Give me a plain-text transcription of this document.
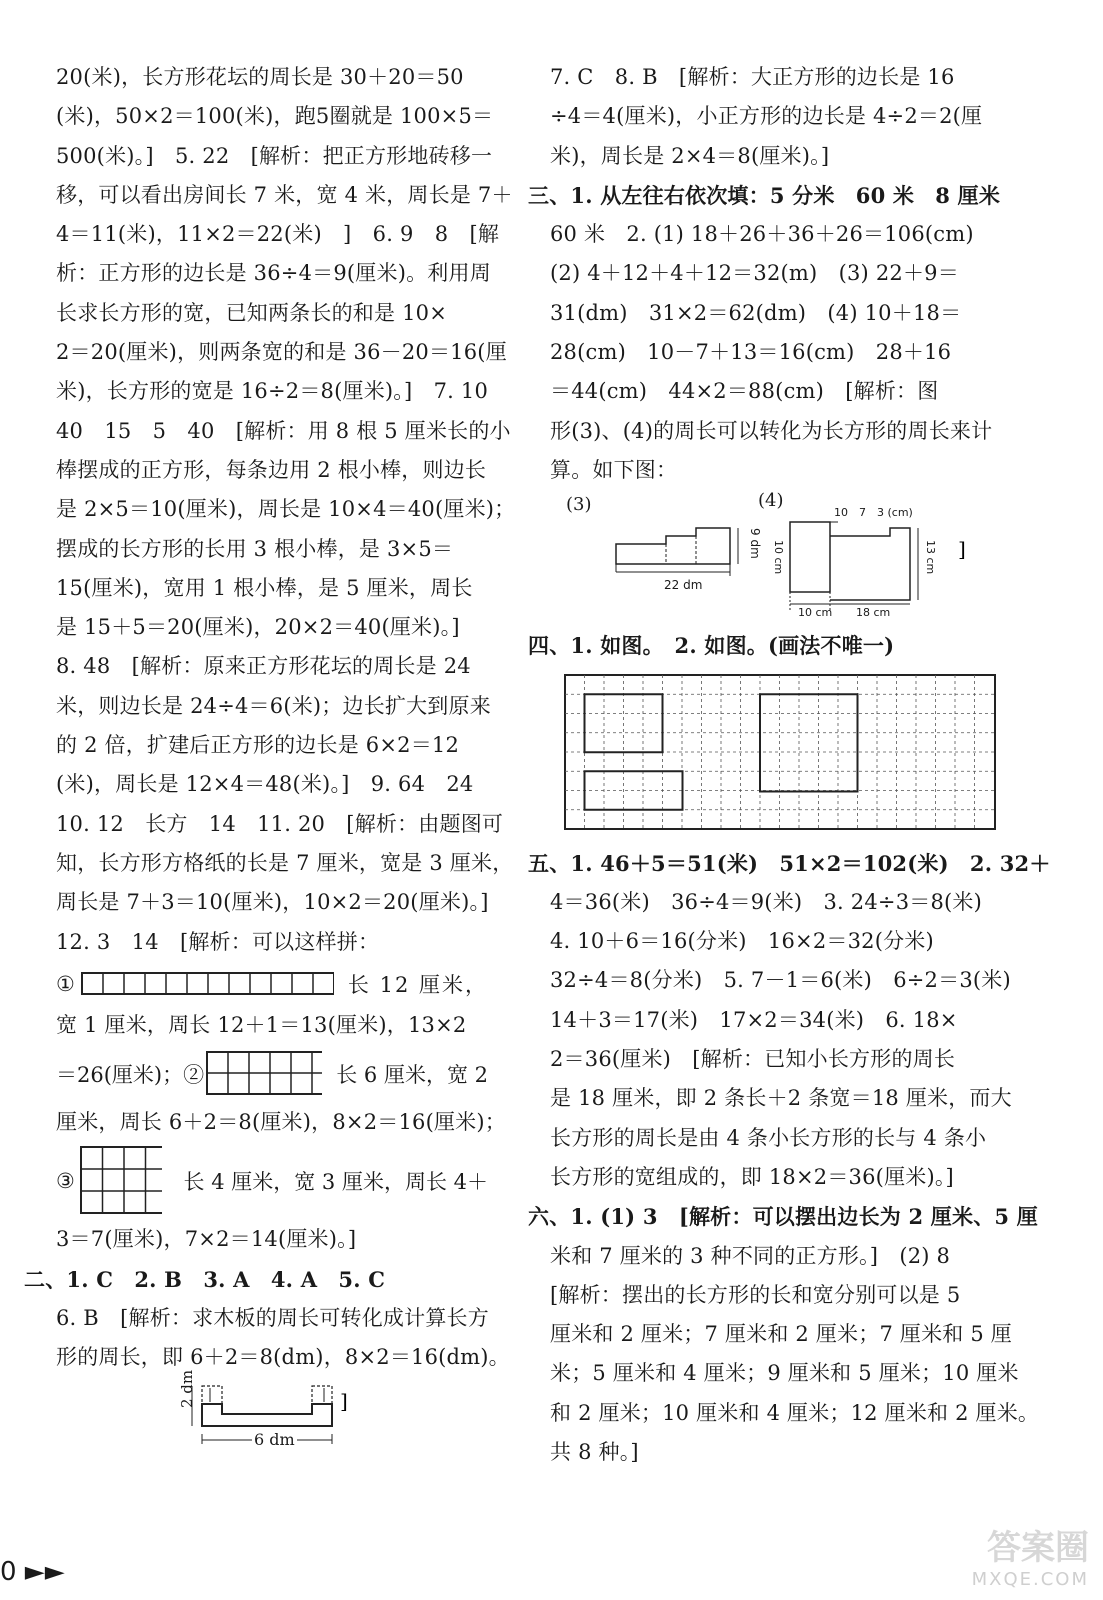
20(米)，长方形花坛的周长是 30＋20＝50
(米)，50×2＝100(米)，跑5圈就是 100×5＝
500(米)。]　5. 22　[解析：把正方形地砖移一
移，可以看出房间长 7 米，宽 4 米，周长是 7＋
4＝11(米)，11×2＝22(米)　]　6. 9　8　[解
析：正方形的边长是 36÷4＝9(厘米)。利用周
长求长方形的宽，已知两条长的和是 10×
2＝20(厘米)，则两条宽的和是 36－20＝16(厘
米)，长方形的宽是 16÷2＝8(厘米)。]　7. 10
40　15　5　40　[解析：用 8 根 5 厘米长的小
棒摆成的正方形，每条边用 2 根小棒，则边长
是 2×5＝10(厘米)，周长是 10×4＝40(厘米)；
摆成的长方形的长用 3 根小棒，是 3×5＝
15(厘米)，宽用 1 根小棒，是 5 厘米，周长
是 15＋5＝20(厘米)，20×2＝40(厘米)。]
8. 48　[解析：原来正方形花坛的周长是 24
米，则边长是 24÷4＝6(米)；边长扩大到原来
的 2 倍，扩建后正方形的边长是 6×2＝12
(米)，周长是 12×4＝48(米)。]　9. 64　24
10. 12　长方　14　11. 20　[解析：由题图可
知，长方形方格纸的长是 7 厘米，宽是 3 厘米，
周长是 7＋3＝10(厘米)，10×2＝20(厘米)。]
12. 3　14　[解析：可以这样拼：
①	长 12 厘米，
宽 1 厘米，周长 12＋1＝13(厘米)，13×2
＝26(厘米)；②	长 6 厘米，宽 2
厘米，周长 6＋2＝8(厘米)，8×2＝16(厘米)；
③	长 4 厘米，宽 3 厘米，周长 4＋
3＝7(厘米)，7×2＝14(厘米)。]
二、1. C　2. B　3. A　4. A　5. C
6. B　[解析：求木板的周长可转化成计算长方
形的周长，即 6＋2＝8(dm)，8×2＝16(dm)。
]
2 dm
6 dm
7. C　8. B　[解析：大正方形的边长是 16
÷4＝4(厘米)，小正方形的边长是 4÷2＝2(厘
米)，周长是 2×4＝8(厘米)。]
三、1. 从左往右依次填：5 分米　60 米　8 厘米
60 米　2. (1) 18＋26＋36＋26＝106(cm)
(2) 4＋12＋4＋12＝32(m)　(3) 22＋9＝
31(dm)　31×2＝62(dm)　(4) 10＋18＝
28(cm)　10－7＋13＝16(cm)　28＋16
＝44(cm)　44×2＝88(cm)　[解析：图
形(3)、(4)的周长可以转化为长方形的周长来计
算。如下图：
(3)
22 dm
9 dm
(4)
10　7　3 (cm)
]
10 cm
10 cm 18 cm
13 cm
四、1. 如图。　2. 如图。(画法不唯一)
五、1. 46＋5＝51(米)　51×2＝102(米)　2. 32＋
4＝36(米)　36÷4＝9(米)　3. 24÷3＝8(米)
4. 10＋6＝16(分米)　16×2＝32(分米)
32÷4＝8(分米)　5. 7－1＝6(米)　6÷2＝3(米)
14＋3＝17(米)　17×2＝34(米)　6. 18×
2＝36(厘米)　[解析：已知小长方形的周长
是 18 厘米，即 2 条长＋2 条宽＝18 厘米，而大
长方形的周长是由 4 条小长方形的长与 4 条小
长方形的宽组成的，即 18×2＝36(厘米)。]
六、1. (1) 3　[解析：可以摆出边长为 2 厘米、5 厘
米和 7 厘米的 3 种不同的正方形。]　(2) 8
[解析：摆出的长方形的长和宽分别可以是 5
厘米和 2 厘米；7 厘米和 2 厘米；7 厘米和 5 厘
米；5 厘米和 4 厘米；9 厘米和 5 厘米；10 厘米
和 2 厘米；10 厘米和 4 厘米；12 厘米和 2 厘米。
共 8 种。]
0 ►►
答案圈
MXQE.COM
